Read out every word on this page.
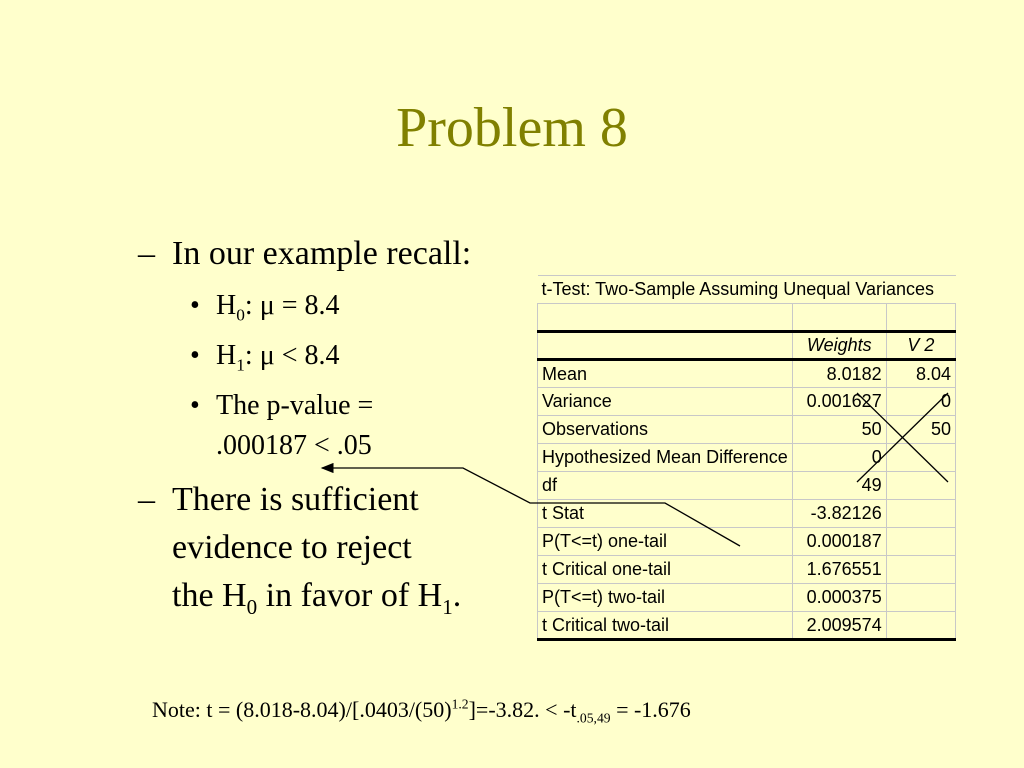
Problem 8
– In our example recall:
• $H_0$: μ = 8.4
• $H_1$: μ < 8.4
• The p-value =
.000187 < .05
– There is sufficient
evidence to reject
the $H_0$ in favor of $H_1$.
t-Test: Two-Sample Assuming Unequal Variances		

	Weights	V 2
Mean	8.0182	8.04
Variance	0.001627	0
Observations	50	50
Hypothesized Mean Difference	0	
df	49	
t Stat	-3.82126	
P(T<=t) one-tail	0.000187	
t Critical one-tail	1.676551	
P(T<=t) two-tail	0.000375	
t Critical two-tail	2.009574	
Note: $t = (8.018-8.04)/[.0403/(50)^{1.2}]=-3.82$. < $-t_{.05,49} = -1.676$
